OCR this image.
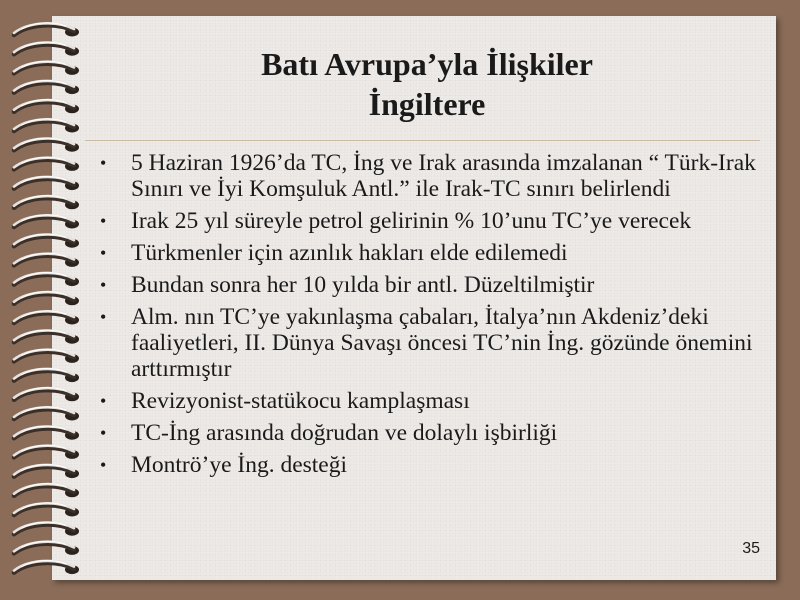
Batı Avrupa’yla İlişkiler
İngiltere
• 5 Haziran 1926’da TC, İng ve Irak arasında imzalanan “ Türk-Irak Sınırı ve İyi Komşuluk Antl.” ile Irak-TC sınırı belirlendi
• Irak 25 yıl süreyle petrol gelirinin % 10’unu TC’ye verecek
• Türkmenler için azınlık hakları elde edilemedi
• Bundan sonra her 10 yılda bir antl. Düzeltilmiştir
• Alm. nın TC’ye yakınlaşma çabaları, İtalya’nın Akdeniz’deki faaliyetleri, II. Dünya Savaşı öncesi TC’nin İng. gözünde önemini arttırmıştır
• Revizyonist-statükocu kamplaşması
• TC-İng arasında doğrudan ve dolaylı işbirliği
• Montrö’ye İng. desteği
35
